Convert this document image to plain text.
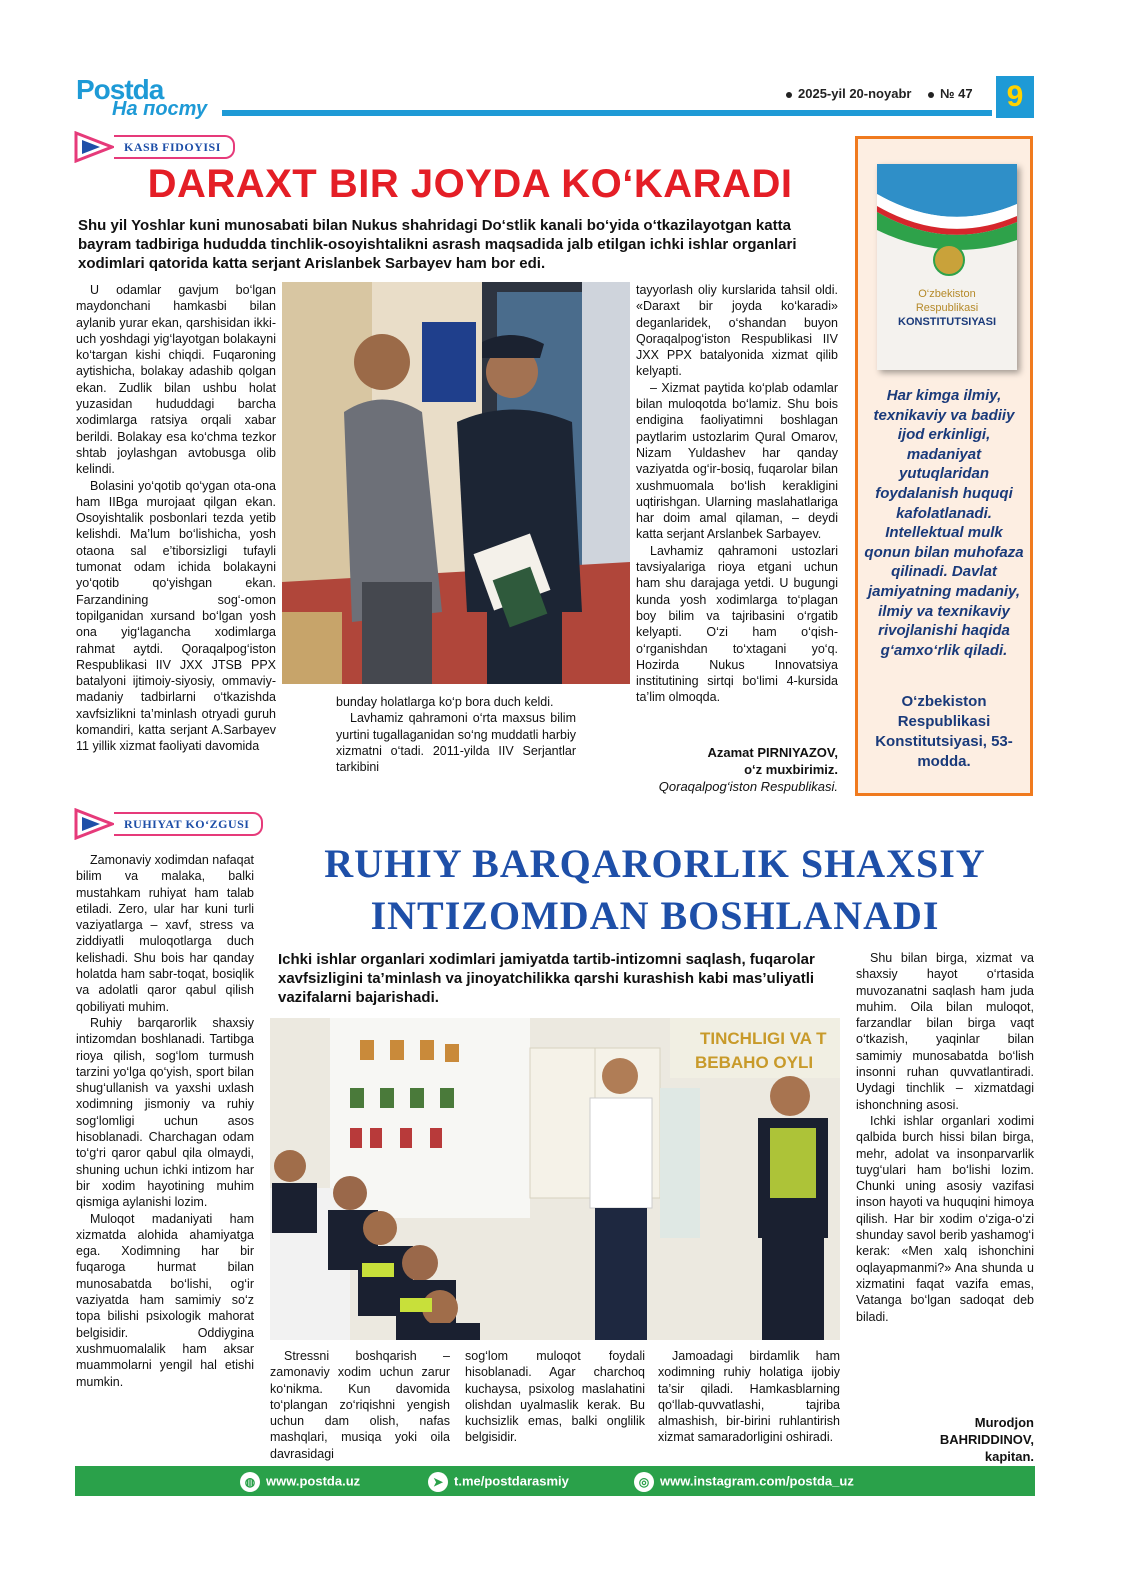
Postda
На посту
2025-yil 20-noyabr	№ 47	9
KASB FIDOYISI
DARAXT BIR JOYDA KO‘KARADI
Shu yil Yoshlar kuni munosabati bilan Nukus shahridagi Do‘stlik kanali bo‘yida o‘tkazilayotgan katta bayram tadbiriga hududda tinchlik-osoyishtalikni asrash maqsadida jalb etilgan ichki ishlar organlari xodimlari qatorida katta serjant Arislanbek Sarbayev ham bor edi.

U odamlar gavjum bo‘lgan maydonchani hamkasbi bilan aylanib yurar ekan, qarshisidan ikki-uch yoshdagi yig‘layotgan bolakayni ko‘targan kishi chiqdi. Fuqaroning aytishicha, bolakay adashib qolgan ekan. Zudlik bilan ushbu holat yuzasidan hududdagi barcha xodimlarga ratsiya orqali xabar berildi. Bolakay esa ko‘chma tezkor shtab joylashgan avtobusga olib kelindi.

Bolasini yo‘qotib qo‘ygan ota-ona ham IIBga murojaat qilgan ekan. Osoyishtalik posbonlari tezda yetib kelishdi. Ma’lum bo‘lishicha, yosh otaona sal e’tiborsizligi tufayli tumonat odam ichida bolakayni yo‘qotib qo‘yishgan ekan. Farzandining sog‘-omon topilganidan xursand bo‘lgan yosh ona yig‘lagancha xodimlarga rahmat aytdi. Qoraqalpog‘iston Respublikasi IIV JXX JTSB PPX batalyoni ijtimoiy-siyosiy, ommaviy-madaniy tadbirlarni o‘tkazishda xavfsizlikni ta’minlash otryadi guruh komandiri, katta serjant A.Sarbayev 11 yillik xizmat faoliyati davomida

bunday holatlarga ko‘p bora duch keldi.

Lavhamiz qahramoni o‘rta maxsus bilim yurtini tugallaganidan so‘ng muddatli harbiy xizmatni o‘tadi. 2011-yilda IIV Serjantlar tarkibini

tayyorlash oliy kurslarida tahsil oldi. «Daraxt bir joyda ko‘karadi» deganlaridek, o‘shandan buyon Qoraqalpog‘iston Respublikasi IIV JXX PPX batalyonida xizmat qilib kelyapti.

– Xizmat paytida ko‘plab odamlar bilan muloqotda bo‘lamiz. Shu bois endigina faoliyatimni boshlagan paytlarim ustozlarim Qural Omarov, Nizam Yuldashev har qanday vaziyatda og‘ir-bosiq, fuqarolar bilan xushmuomala bo‘lish kerakligini uqtirishgan. Ularning maslahatlariga har doim amal qilaman, – deydi katta serjant Arslanbek Sarbayev.

Lavhamiz qahramoni ustozlari tavsiyalariga rioya etgani uchun ham shu darajaga yetdi. U bugungi kunda yosh xodimlarga to‘plagan boy bilim va tajribasini o‘rgatib kelyapti. O‘zi ham o‘qish-o‘rganishdan to‘xtagani yo‘q. Hozirda Nukus Innovatsiya institutining sirtqi bo‘limi 4-kursida ta’lim olmoqda.

Azamat PIRNIYAZOV,
o‘z muxbirimiz.
Qoraqalpog‘iston Respublikasi.
O‘zbekiston
Respublikasi
KONSTITUTSIYASI
Har kimga ilmiy, texnikaviy va badiiy ijod erkinligi, madaniyat yutuqlaridan foydalanish huquqi kafolatlanadi. Intellektual mulk qonun bilan muhofaza qilinadi. Davlat jamiyatning madaniy, ilmiy va texnikaviy rivojlanishi haqida g‘amxo‘rlik qiladi.
O‘zbekiston Respublikasi Konstitutsiyasi, 53-modda.
RUHIYAT KO‘ZGUSI
RUHIY BARQARORLIK SHAXSIY
INTIZOMDAN BOSHLANADI

Zamonaviy xodimdan nafaqat bilim va malaka, balki mustahkam ruhiyat ham talab etiladi. Zero, ular har kuni turli vaziyatlarga – xavf, stress va ziddiyatli muloqotlarga duch kelishadi. Shu bois har qanday holatda ham sabr-toqat, bosiqlik va adolatli qaror qabul qilish qobiliyati muhim.

Ruhiy barqarorlik shaxsiy intizomdan boshlanadi. Tartibga rioya qilish, sog‘lom turmush tarzini yo‘lga qo‘yish, sport bilan shug‘ullanish va yaxshi uxlash xodimning jismoniy va ruhiy sog‘lomligi uchun asos hisoblanadi. Charchagan odam to‘g‘ri qaror qabul qila olmaydi, shuning uchun ichki intizom har bir xodim hayotining muhim qismiga aylanishi lozim.

Muloqot madaniyati ham xizmatda alohida ahamiyatga ega. Xodimning har bir fuqaroga hurmat bilan munosabatda bo‘lishi, og‘ir vaziyatda ham samimiy so‘z topa bilishi psixologik mahorat belgisidir. Oddiygina xushmuomalalik ham aksar muammolarni yengil hal etishi mumkin.

Ichki ishlar organlari xodimlari jamiyatda tartib-intizomni saqlash, fuqarolar xavfsizligini ta’minlash va jinoyatchilikka qarshi kurashish kabi mas’uliyatli vazifalarni bajarishadi.
TINCHLIGI VA T
BEBAHO OYLI

Stressni boshqarish – zamonaviy xodim uchun zarur ko‘nikma. Kun davomida to‘plangan zo‘riqishni yengish uchun dam olish, nafas mashqlari, musiqa yoki oila davrasidagi

sog‘lom muloqot foydali hisoblanadi. Agar charchoq kuchaysa, psixolog maslahatini olishdan uyalmaslik kerak. Bu kuchsizlik emas, balki onglilik belgisidir.

Jamoadagi birdamlik ham xodimning ruhiy holatiga ijobiy ta’sir qiladi. Hamkasblarning qo‘llab-quvvatlashi, tajriba almashish, bir-birini ruhlantirish xizmat samaradorligini oshiradi.

Shu bilan birga, xizmat va shaxsiy hayot o‘rtasida muvozanatni saqlash ham juda muhim. Oila bilan muloqot, farzandlar bilan birga vaqt o‘tkazish, yaqinlar bilan samimiy munosabatda bo‘lish insonni ruhan quvvatlantiradi. Uydagi tinchlik – xizmatdagi ishonchning asosi.

Ichki ishlar organlari xodimi qalbida burch hissi bilan birga, mehr, adolat va insonparvarlik tuyg‘ulari ham bo‘lishi lozim. Chunki uning asosiy vazifasi inson hayoti va huquqini himoya qilish. Har bir xodim o‘ziga-o‘zi shunday savol berib yashamog‘i kerak: «Men xalq ishonchini oqlayapmanmi?» Ana shunda u xizmatini faqat vazifa emas, Vatanga bo‘lgan sadoqat deb biladi.

Murodjon
BAHRIDDINOV,
kapitan.
◍ www.postda.uz	➤ t.me/postdarasmiy	◎ www.instagram.com/postda_uz
